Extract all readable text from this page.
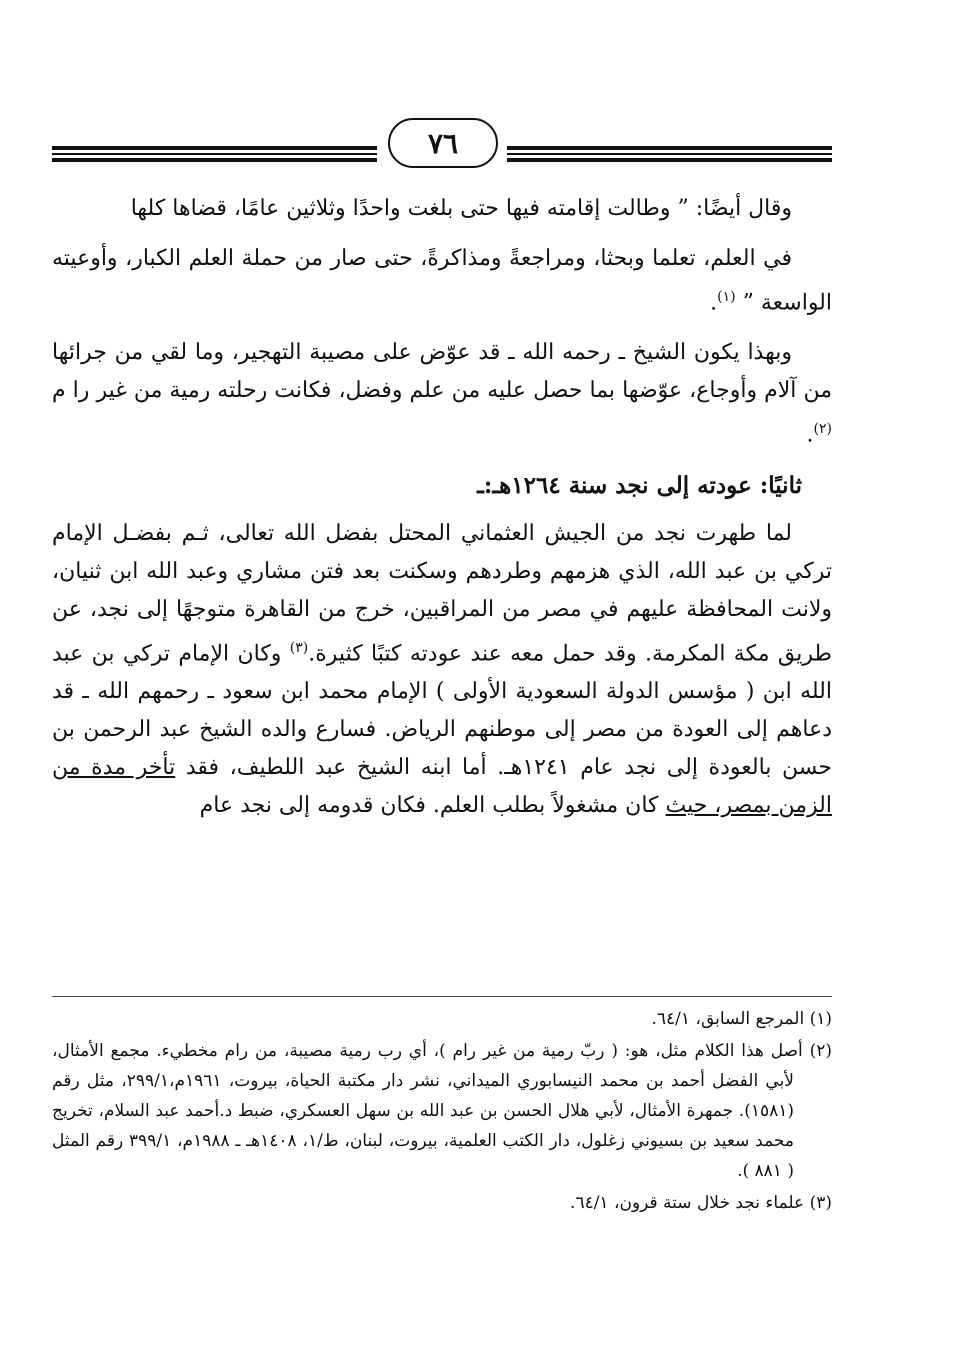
٧٦

وقال أيضًا: ” وطالت إقامته فيها حتى بلغت واحدًا وثلاثين عامًا، قضاها كلها

في العلم، تعلما وبحثا، ومراجعةً ومذاكرةً، حتى صار من حملة العلم الكبار، وأوعيته الواسعة ” $^{(١)}$.

وبهذا يكون الشيخ ـ رحمه الله ـ قد عوّض على مصيبة التهجير، وما لقي من جرائها من آلام وأوجاع، عوّضها بما حصل عليه من علم وفضل، فكانت رحلته رمية من غير را م $^{(٢)}$.

ثانيًا: عودته إلى نجد سنة ١٢٦٤هـ:ـ

لما طهرت نجد من الجيش العثماني المحتل بفضل الله تعالى، ثـم بفضـل الإمام تركي بن عبد الله، الذي هزمهم وطردهم وسكنت بعد فتن مشاري وعبد الله ابن ثنيان، ولانت المحافظة عليهم في مصر من المراقبين، خرج من القاهرة متوجهًا إلى نجد، عن طريق مكة المكرمة. وقد حمل معه عند عودته كتبًا كثيرة.$^{(٣)}$ وكان الإمام تركي بن عبد الله ابن ( مؤسس الدولة السعودية الأولى ) الإمام محمد ابن سعود ـ رحمهم الله ـ قد دعاهم إلى العودة من مصر إلى موطنهم الرياض. فسارع والده الشيخ عبد الرحمن بن حسن بالعودة إلى نجد عام ١٢٤١هـ. أما ابنه الشيخ عبد اللطيف، فقد تأخر مدة من الزمن بمصر، حيث كان مشغولاً بطلب العلم. فكان قدومه إلى نجد عام

(١) المرجع السابق، ٦٤/١.

(٢) أصل هذا الكلام مثل، هو: ( ربّ رمية من غير رام )، أي رب رمية مصيبة، من رام مخطيء. مجمع الأمثال، لأبي الفضل أحمد بن محمد النيسابوري الميداني، نشر دار مكتبة الحياة، بيروت، ١٩٦١م،٢٩٩/١، مثل رقم (١٥٨١). جمهرة الأمثال، لأبي هلال الحسن بن عبد الله بن سهل العسكري، ضبط د.أحمد عبد السلام، تخريج محمد سعيد بن بسيوني زغلول، دار الكتب العلمية، بيروت، لبنان، ط/١، ١٤٠٨هـ ـ ١٩٨٨م، ٣٩٩/١ رقم المثل ( ٨٨١ ).

(٣) علماء نجد خلال ستة قرون، ٦٤/١.
